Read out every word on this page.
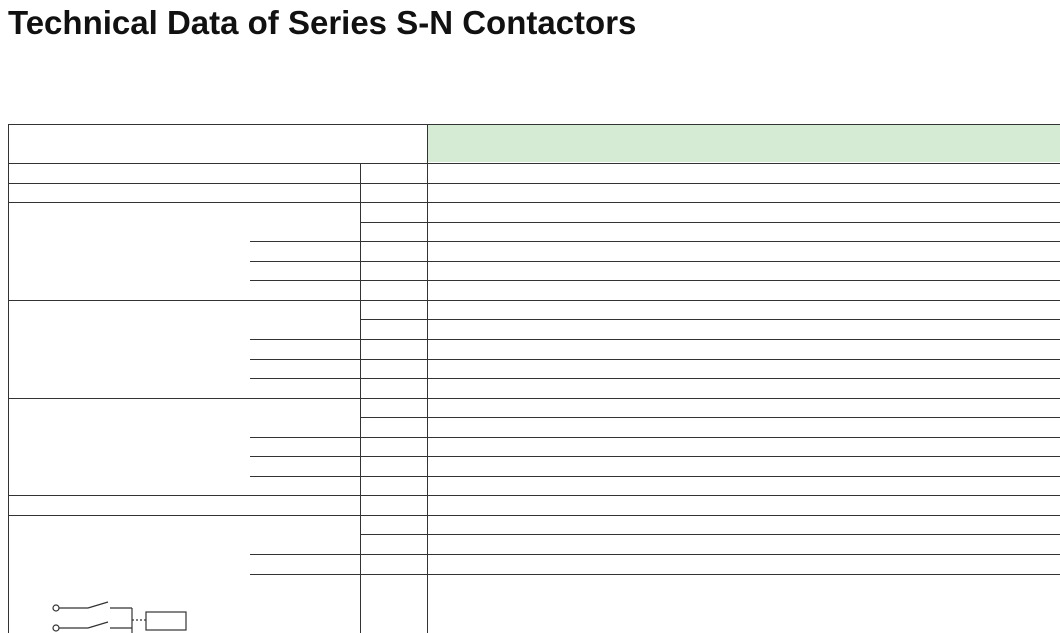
Technical Data of Series S-N Contactors
